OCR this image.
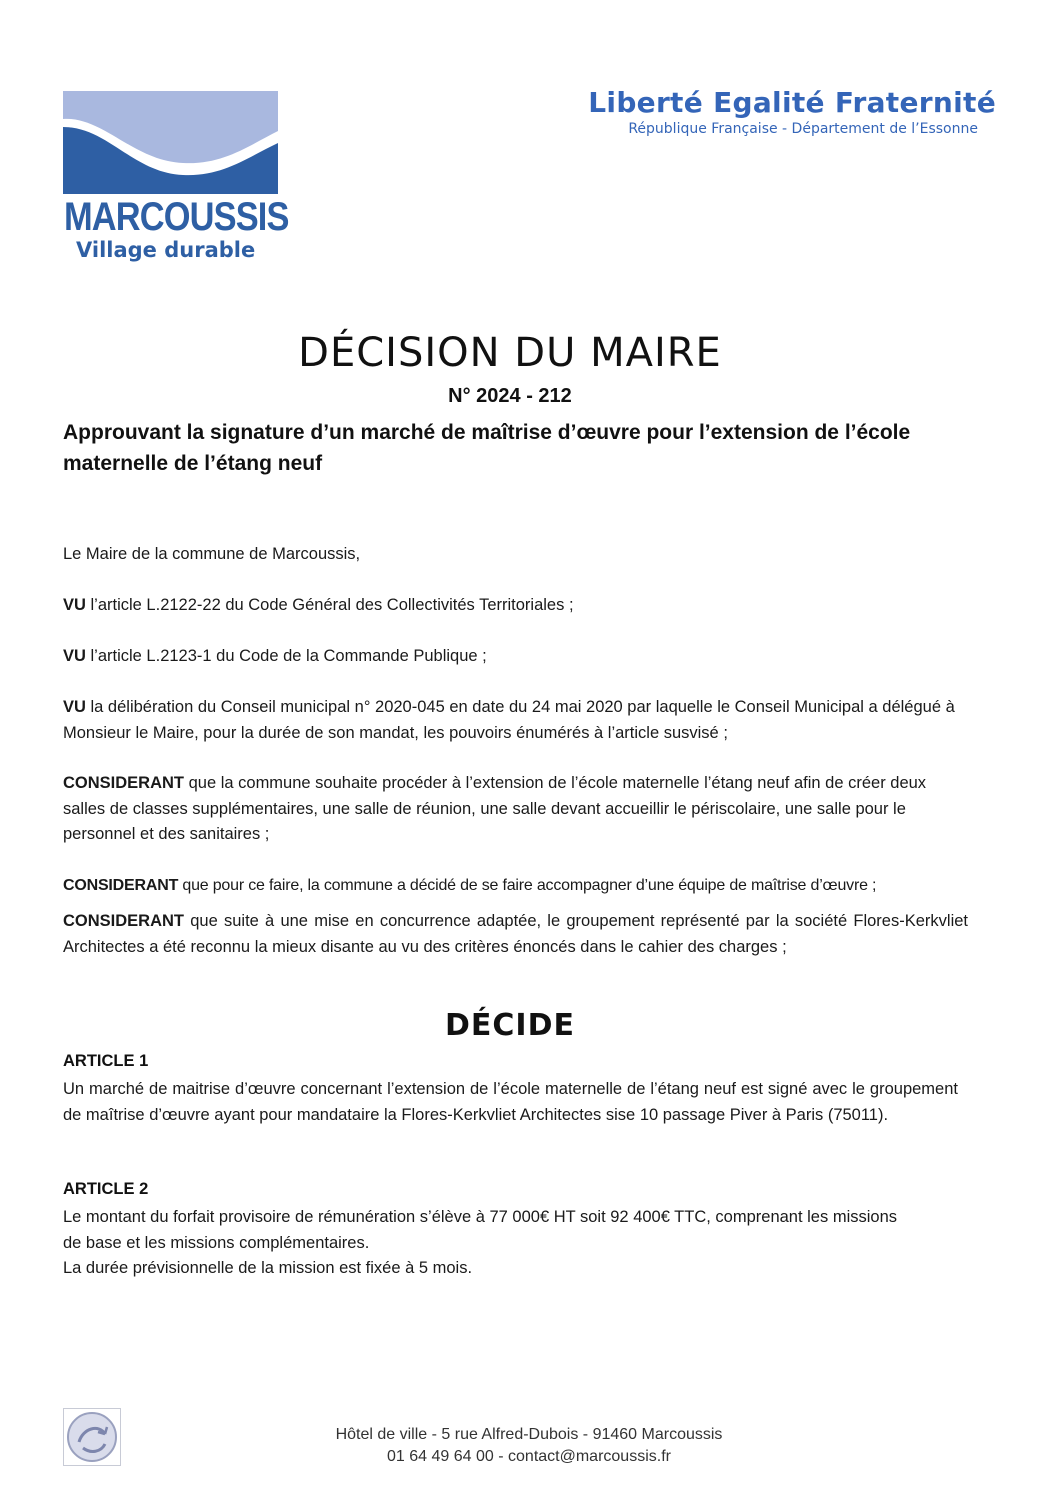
MARCOUSSIS
Village durable
Liberté Egalité Fraternité
République Française - Département de l’Essonne
DÉCISION DU MAIRE
N° 2024 - 212
Approuvant la signature d’un marché de maîtrise d’œuvre pour l’extension de l’école maternelle de l’étang neuf
Le Maire de la commune de Marcoussis,
VU l’article L.2122-22 du Code Général des Collectivités Territoriales ;
VU l’article L.2123-1 du Code de la Commande Publique ;
VU la délibération du Conseil municipal n° 2020-045 en date du 24 mai 2020 par laquelle le Conseil Municipal a délégué à Monsieur le Maire, pour la durée de son mandat, les pouvoirs énumérés à l’article susvisé ;
CONSIDERANT que la commune souhaite procéder à l’extension de l’école maternelle l’étang neuf afin de créer deux salles de classes supplémentaires, une salle de réunion, une salle devant accueillir le périscolaire, une salle pour le personnel et des sanitaires ;
CONSIDERANT que pour ce faire, la commune a décidé de se faire accompagner d’une équipe de maîtrise d’œuvre ;
CONSIDERANT que suite à une mise en concurrence adaptée, le groupement représenté par la société Flores-Kerkvliet Architectes a été reconnu la mieux disante au vu des critères énoncés dans le cahier des charges ;
DÉCIDE
ARTICLE 1
Un marché de maitrise d’œuvre concernant l’extension de l’école maternelle de l’étang neuf est signé avec le groupement de maîtrise d’œuvre ayant pour mandataire la Flores-Kerkvliet Architectes sise 10 passage Piver à Paris (75011).
ARTICLE 2
Le montant du forfait provisoire de rémunération s’élève à 77 000€ HT soit 92 400€ TTC, comprenant les missions de base et les missions complémentaires.
La durée prévisionnelle de la mission est fixée à 5 mois.
Hôtel de ville - 5 rue Alfred-Dubois - 91460 Marcoussis
01 64 49 64 00 - contact@marcoussis.fr
